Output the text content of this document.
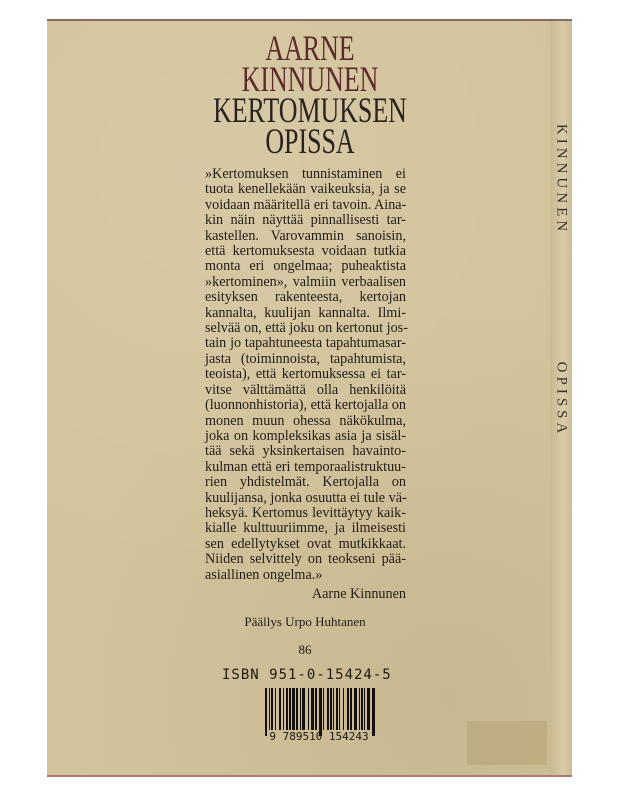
KINNUNEN
OPISSA
AARNE
KINNUNEN
KERTOMUKSEN
OPISSA
»Kertomuksen tunnistaminen ei
tuota kenellekään vaikeuksia, ja se
voidaan määritellä eri tavoin. Aina-
kin näin näyttää pinnallisesti tar-
kastellen. Varovammin sanoisin,
että kertomuksesta voidaan tutkia
monta eri ongelmaa; puheaktista
»kertominen», valmiin verbaalisen
esityksen rakenteesta, kertojan
kannalta, kuulijan kannalta. Ilmi-
selvää on, että joku on kertonut jos-
tain jo tapahtuneesta tapahtumasar-
jasta (toiminnoista, tapahtumista,
teoista), että kertomuksessa ei tar-
vitse välttämättä olla henkilöitä
(luonnonhistoria), että kertojalla on
monen muun ohessa näkökulma,
joka on kompleksikas asia ja sisäl-
tää sekä yksinkertaisen havainto-
kulman että eri temporaalistruktuu-
rien yhdistelmät. Kertojalla on
kuulijansa, jonka osuutta ei tule vä-
heksyä. Kertomus levittäytyy kaik-
kialle kulttuuriimme, ja ilmeisesti
sen edellytykset ovat mutkikkaat.
Niiden selvittely on teokseni pää-
asiallinen ongelma.»
Aarne Kinnunen
Päällys Urpo Huhtanen
86
ISBN 951-0-15424-5
9 789510 154243
